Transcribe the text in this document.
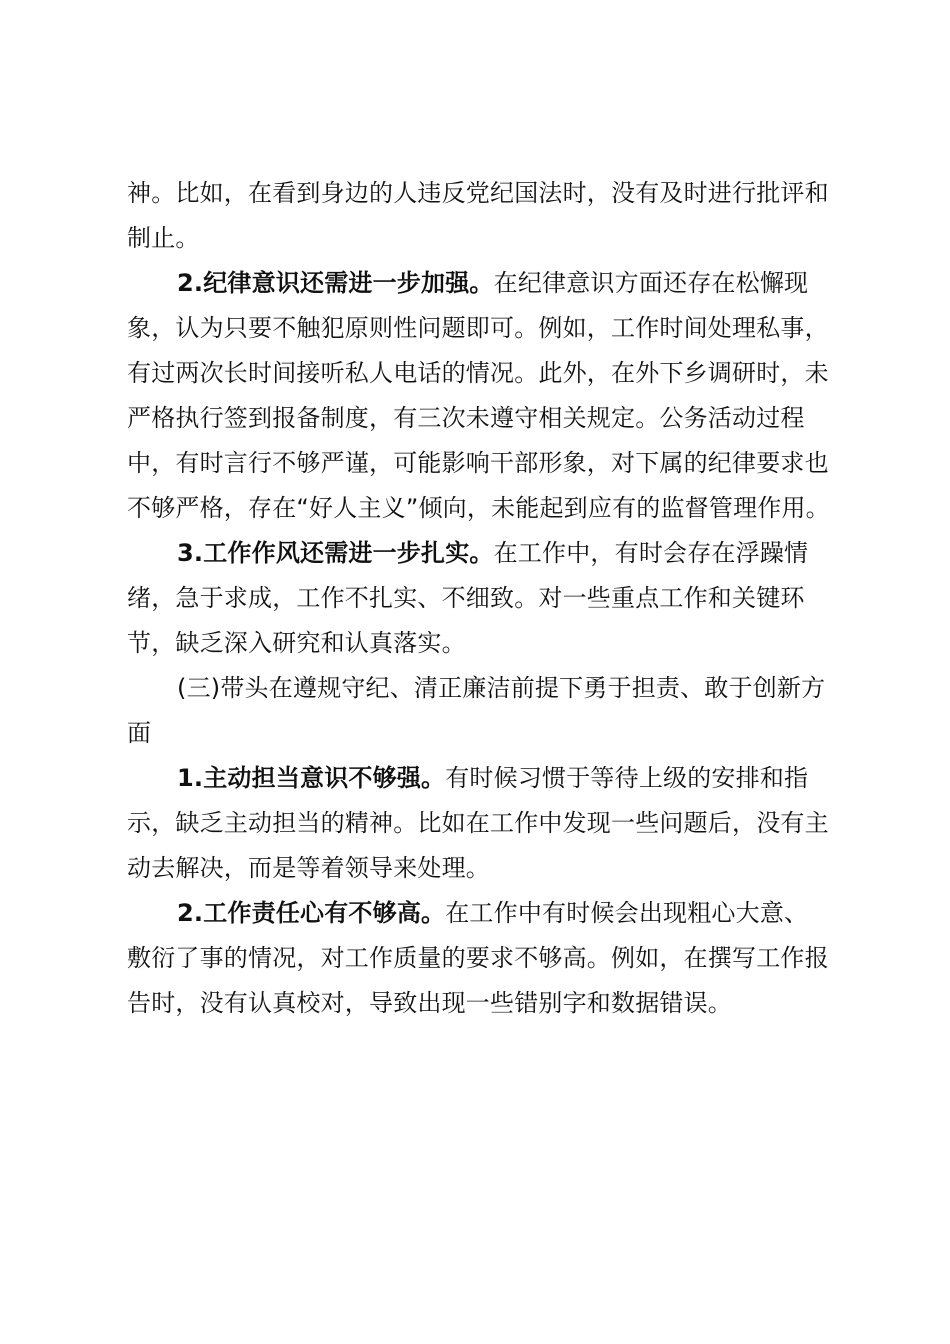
神。比如，在看到身边的人违反党纪国法时，没有及时进行批评和制止。

2.纪律意识还需进一步加强。在纪律意识方面还存在松懈现象，认为只要不触犯原则性问题即可。例如，工作时间处理私事，有过两次长时间接听私人电话的情况。此外，在外下乡调研时，未严格执行签到报备制度，有三次未遵守相关规定。公务活动过程中，有时言行不够严谨，可能影响干部形象，对下属的纪律要求也不够严格，存在“好人主义”倾向，未能起到应有的监督管理作用。

3.工作作风还需进一步扎实。在工作中，有时会存在浮躁情绪，急于求成，工作不扎实、不细致。对一些重点工作和关键环节，缺乏深入研究和认真落实。

(三)带头在遵规守纪、清正廉洁前提下勇于担责、敢于创新方面

1.主动担当意识不够强。有时候习惯于等待上级的安排和指示，缺乏主动担当的精神。比如在工作中发现一些问题后，没有主动去解决，而是等着领导来处理。

2.工作责任心有不够高。在工作中有时候会出现粗心大意、敷衍了事的情况，对工作质量的要求不够高。例如，在撰写工作报告时，没有认真校对，导致出现一些错别字和数据错误。
